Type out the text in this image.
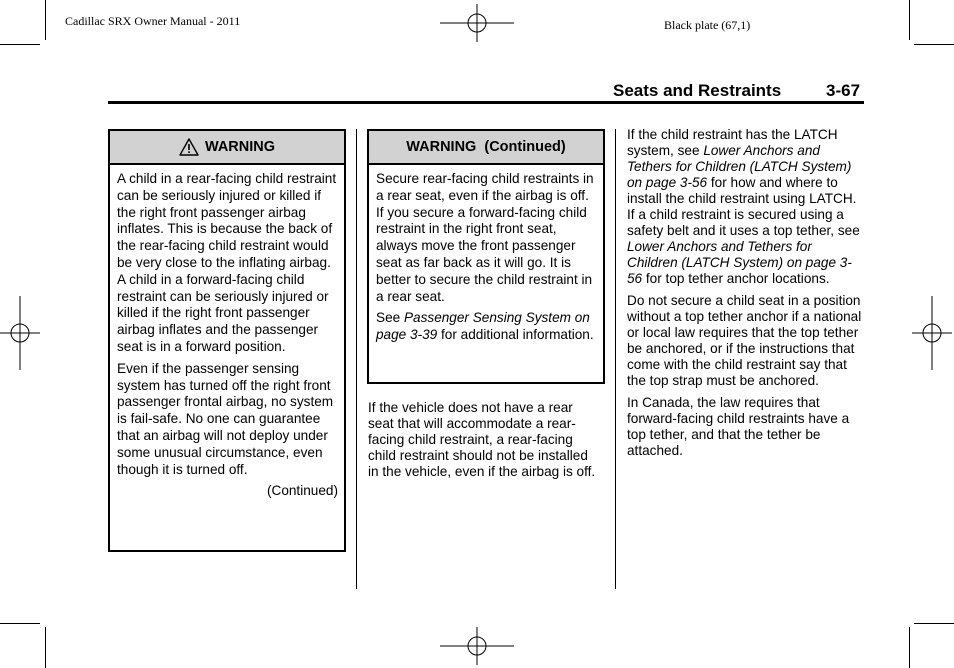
Cadillac SRX Owner Manual - 2011	Black plate (67,1)
Seats and Restraints	3-67
WARNING

A child in a rear-facing child restraint can be seriously injured or killed if the right front passenger airbag inflates. This is because the back of the rear-facing child restraint would be very close to the inflating airbag. A child in a forward-facing child restraint can be seriously injured or killed if the right front passenger airbag inflates and the passenger seat is in a forward position.

Even if the passenger sensing system has turned off the right front passenger frontal airbag, no system is fail-safe. No one can guarantee that an airbag will not deploy under some unusual circumstance, even though it is turned off.

(Continued)
WARNING  (Continued)

Secure rear-facing child restraints in a rear seat, even if the airbag is off. If you secure a forward-facing child restraint in the right front seat, always move the front passenger seat as far back as it will go. It is better to secure the child restraint in a rear seat.

See Passenger Sensing System on page 3-39 for additional information.

If the vehicle does not have a rear seat that will accommodate a rear-facing child restraint, a rear-facing child restraint should not be installed in the vehicle, even if the airbag is off.

If the child restraint has the LATCH system, see Lower Anchors and Tethers for Children (LATCH System) on page 3-56 for how and where to install the child restraint using LATCH. If a child restraint is secured using a safety belt and it uses a top tether, see Lower Anchors and Tethers for Children (LATCH System) on page 3-56 for top tether anchor locations.

Do not secure a child seat in a position without a top tether anchor if a national or local law requires that the top tether be anchored, or if the instructions that come with the child restraint say that the top strap must be anchored.

In Canada, the law requires that forward-facing child restraints have a top tether, and that the tether be attached.
